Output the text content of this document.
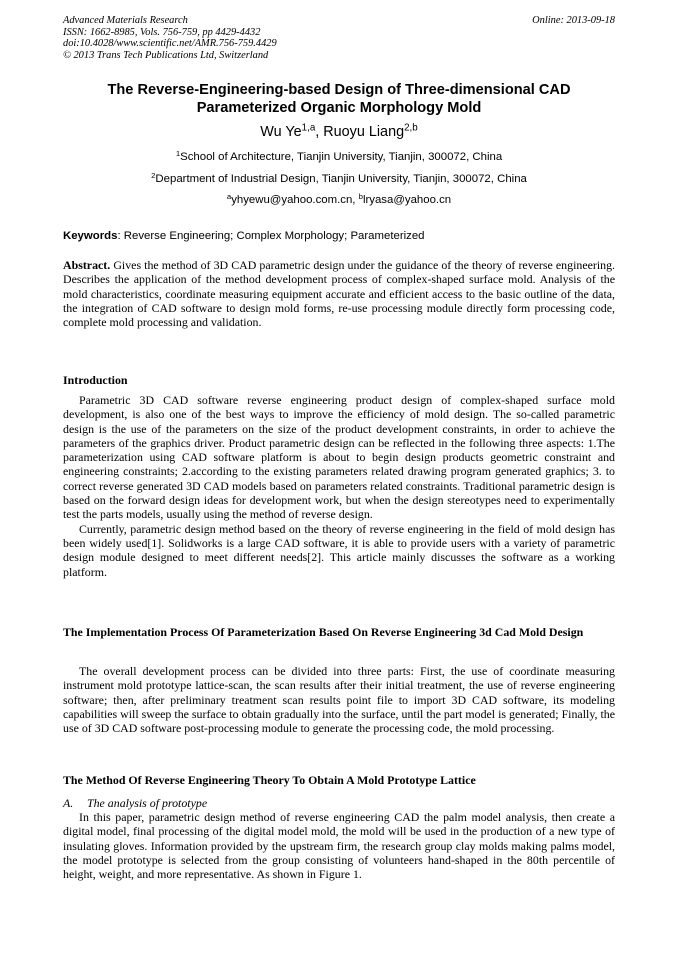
Advanced Materials Research
ISSN: 1662-8985, Vols. 756-759, pp 4429-4432
doi:10.4028/www.scientific.net/AMR.756-759.4429
© 2013 Trans Tech Publications Ltd, Switzerland
Online: 2013-09-18
The Reverse-Engineering-based Design of Three-dimensional CAD Parameterized Organic Morphology Mold
Wu Ye$^{1,a}$, Ruoyu Liang$^{2,b}$
$^1$School of Architecture, Tianjin University, Tianjin, 300072, China
$^2$Department of Industrial Design, Tianjin University, Tianjin, 300072, China
$^a$yhyewu@yahoo.com.cn, $^b$lryasa@yahoo.cn
Keywords: Reverse Engineering; Complex Morphology; Parameterized
Abstract. Gives the method of 3D CAD parametric design under the guidance of the theory of reverse engineering. Describes the application of the method development process of complex-shaped surface mold. Analysis of the mold characteristics, coordinate measuring equipment accurate and efficient access to the basic outline of the data, the integration of CAD software to design mold forms, re-use processing module directly form processing code, complete mold processing and validation.
Introduction

Parametric 3D CAD software reverse engineering product design of complex-shaped surface mold development, is also one of the best ways to improve the efficiency of mold design. The so-called parametric design is the use of the parameters on the size of the product development constraints, in order to achieve the parameters of the graphics driver. Product parametric design can be reflected in the following three aspects: 1.The parameterization using CAD software platform is about to begin design products geometric constraint and engineering constraints; 2.according to the existing parameters related drawing program generated graphics; 3. to correct reverse generated 3D CAD models based on parameters related constraints. Traditional parametric design is based on the forward design ideas for development work, but when the design stereotypes need to experimentally test the parts models, usually using the method of reverse design.

Currently, parametric design method based on the theory of reverse engineering in the field of mold design has been widely used[1]. Solidworks is a large CAD software, it is able to provide users with a variety of parametric design module designed to meet different needs[2]. This article mainly discusses the software as a working platform.

The Implementation Process Of Parameterization Based On Reverse Engineering 3d Cad Mold Design

The overall development process can be divided into three parts: First, the use of coordinate measuring instrument mold prototype lattice-scan, the scan results after their initial treatment, the use of reverse engineering software; then, after preliminary treatment scan results point file to import 3D CAD software, its modeling capabilities will sweep the surface to obtain gradually into the surface, until the part model is generated; Finally, the use of 3D CAD software post-processing module to generate the processing code, the mold processing.

The Method Of Reverse Engineering Theory To Obtain A Mold Prototype Lattice
A. The analysis of prototype

In this paper, parametric design method of reverse engineering CAD the palm model analysis, then create a digital model, final processing of the digital model mold, the mold will be used in the production of a new type of insulating gloves. Information provided by the upstream firm, the research group clay molds making palms model, the model prototype is selected from the group consisting of volunteers hand-shaped in the 80th percentile of height, weight, and more representative. As shown in Figure 1.
